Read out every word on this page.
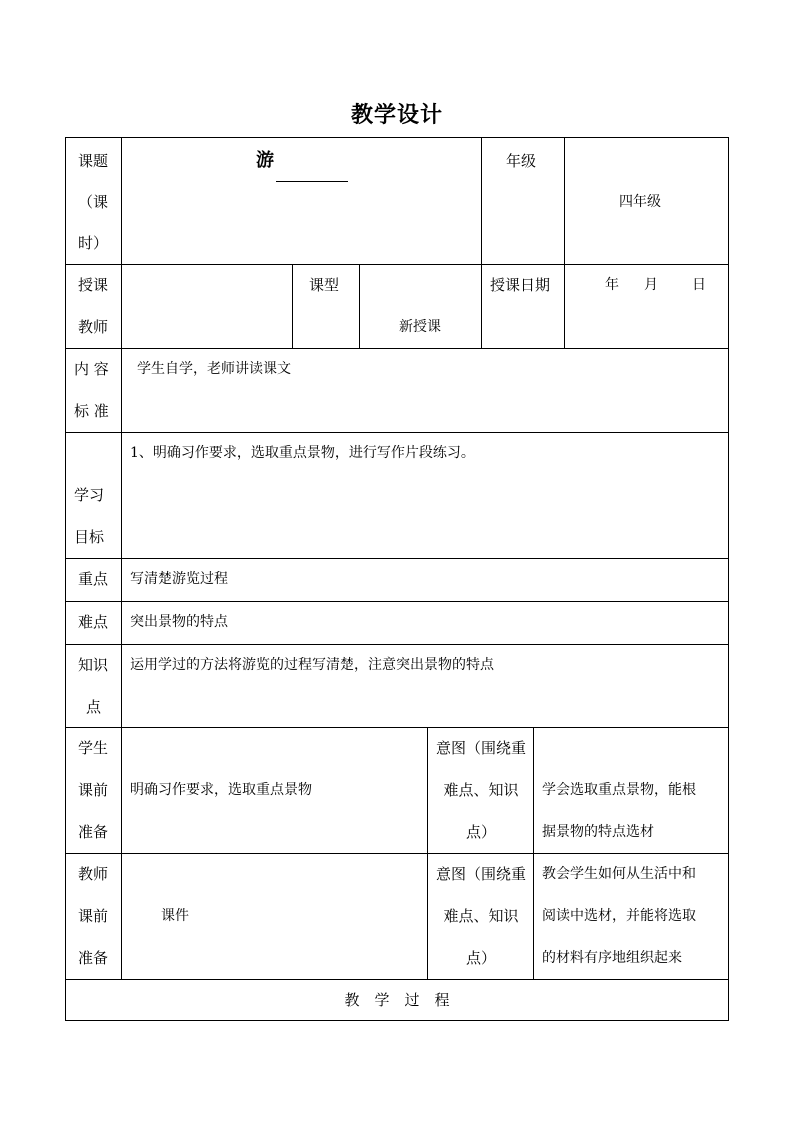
教学设计
课题
（课
时）
游	年级
四年级
授课
教师
课型
新授课
授课日期	年 月 日
内 容
标 准
学生自学，老师讲读课文
学习
目标
1、明确习作要求，选取重点景物，进行写作片段练习。
重点 写清楚游览过程
难点 突出景物的特点
知识
点
运用学过的方法将游览的过程写清楚，注意突出景物的特点
学生
课前
准备
明确习作要求，选取重点景物
意图（围绕重
难点、知识
点）
学会选取重点景物，能根
据景物的特点选材
教师
课前
准备
课件
意图（围绕重
难点、知识
点）
教会学生如何从生活中和
阅读中选材，并能将选取
的材料有序地组织起来
教　学　过　程
